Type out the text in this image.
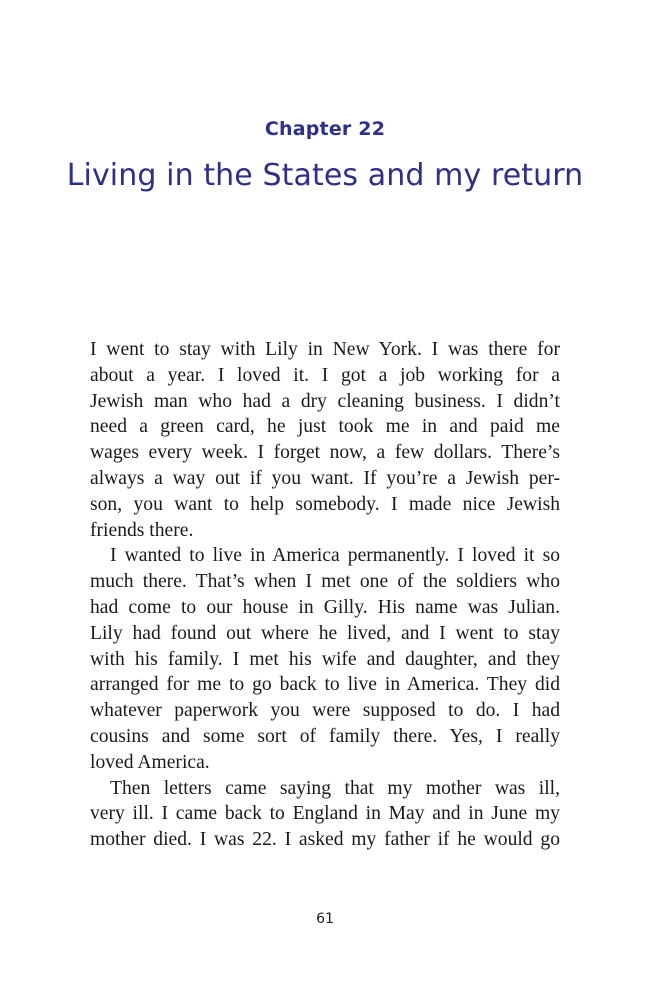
Chapter 22
Living in the States and my return

I went to stay with Lily in New York. I was there for
about a year. I loved it. I got a job working for a
Jewish man who had a dry cleaning business. I didn’t
need a green card, he just took me in and paid me
wages every week. I forget now, a few dollars. There’s
always a way out if you want. If you’re a Jewish per-
son, you want to help somebody. I made nice Jewish
friends there.

I wanted to live in America permanently. I loved it so
much there. That’s when I met one of the soldiers who
had come to our house in Gilly. His name was Julian.
Lily had found out where he lived, and I went to stay
with his family. I met his wife and daughter, and they
arranged for me to go back to live in America. They did
whatever paperwork you were supposed to do. I had
cousins and some sort of family there. Yes, I really
loved America.

Then letters came saying that my mother was ill,
very ill. I came back to England in May and in June my
mother died. I was 22. I asked my father if he would go

61
